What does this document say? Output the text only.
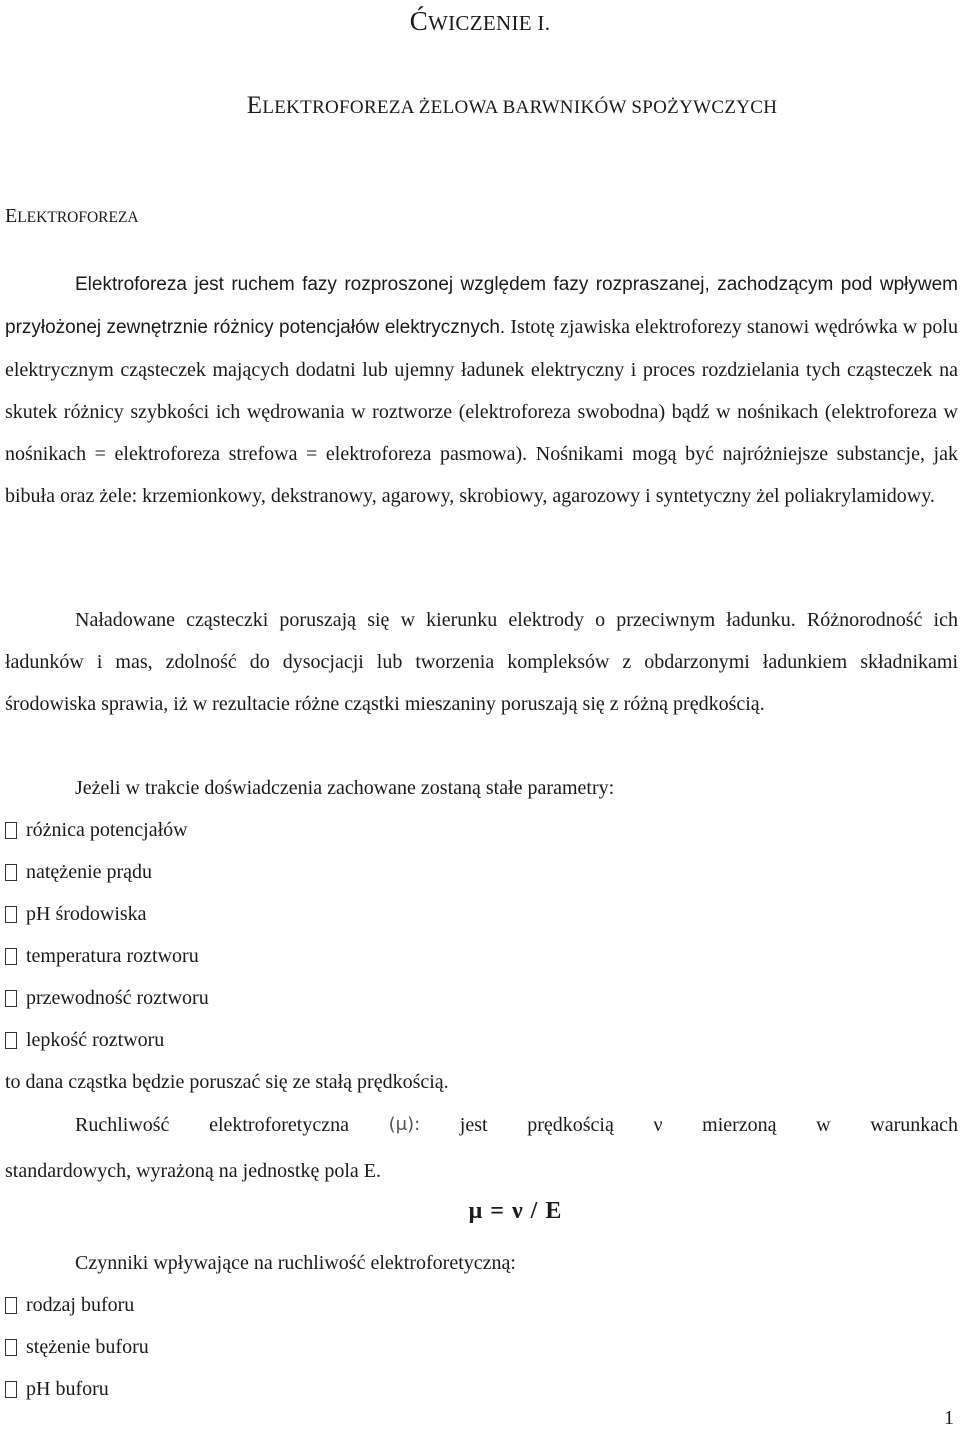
ĆWICZENIE I.
ELEKTROFOREZA ŻELOWA BARWNIKÓW SPOŻYWCZYCH
ELEKTROFOREZA

Elektroforeza jest ruchem fazy rozproszonej względem fazy rozpraszanej, zachodzącym pod wpływem przyłożonej zewnętrznie różnicy potencjałów elektrycznych. Istotę zjawiska elektroforezy stanowi wędrówka w polu elektrycznym cząsteczek mających dodatni lub ujemny ładunek elektryczny i proces rozdzielania tych cząsteczek na skutek różnicy szybkości ich wędrowania w roztworze (elektroforeza swobodna) bądź w nośnikach (elektroforeza w nośnikach = elektroforeza strefowa = elektroforeza pasmowa). Nośnikami mogą być najróżniejsze substancje, jak bibuła oraz żele: krzemionkowy, dekstranowy, agarowy, skrobiowy, agarozowy i syntetyczny żel poliakrylamidowy.

Naładowane cząsteczki poruszają się w kierunku elektrody o przeciwnym ładunku. Różnorodność ich ładunków i mas, zdolność do dysocjacji lub tworzenia kompleksów z obdarzonymi ładunkiem składnikami środowiska sprawia, iż w rezultacie różne cząstki mieszaniny poruszają się z różną prędkością.

Jeżeli w trakcie doświadczenia zachowane zostaną stałe parametry:

różnica potencjałów
natężenie prądu
pH środowiska
temperatura roztworu
przewodność roztworu
lepkość roztworu

to dana cząstka będzie poruszać się ze stałą prędkością.

Ruchliwość elektroforetyczna (μ): jest prędkością ν mierzoną w warunkach
standardowych, wyrażoną na jednostkę pola E.

μ = ν / E

Czynniki wpływające na ruchliwość elektroforetyczną:

rodzaj buforu
stężenie buforu
pH buforu

1
